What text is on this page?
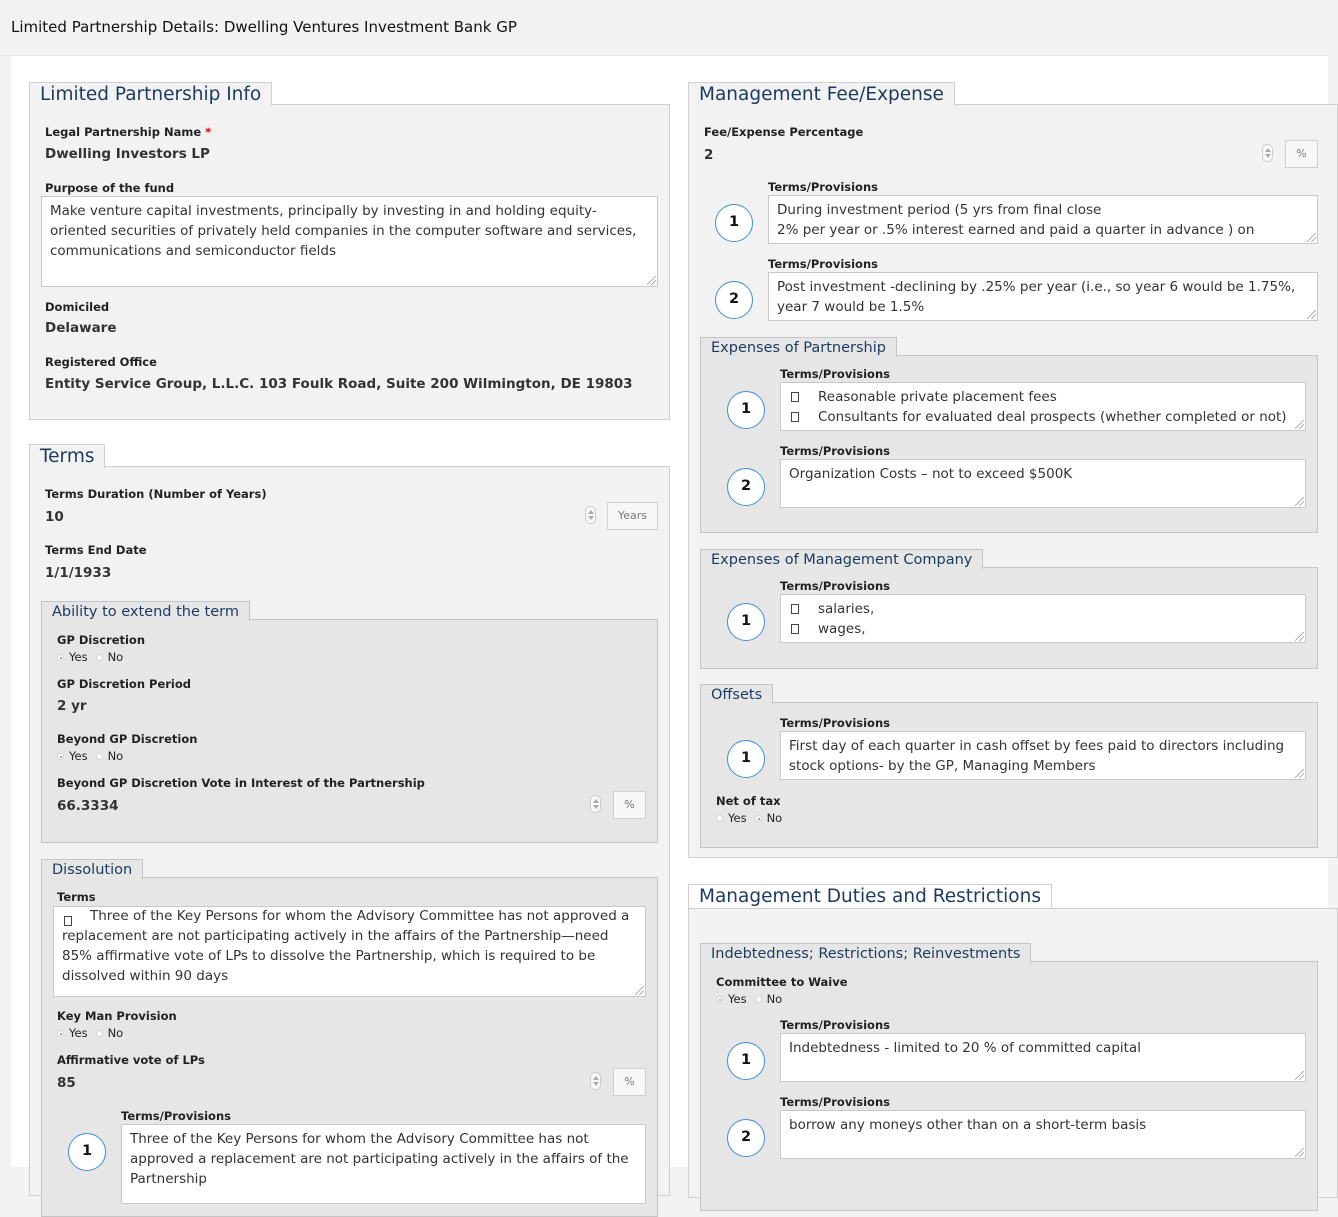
Limited Partnership Details: Dwelling Ventures Investment Bank GP
Legal Partnership Name *
Dwelling Investors LP
Purpose of the fund
Make venture capital investments, principally by investing in and holding equity-oriented securities of privately held companies in the computer software and services, communications and semiconductor fields
Domiciled
Delaware
Registered Office
Entity Service Group, L.L.C. 103 Foulk Road, Suite 200 Wilmington, DE 19803
Limited Partnership Info
Terms Duration (Number of Years)
10	Years
Terms End Date
1/1/1933
GP Discretion
Yes No
GP Discretion Period
2 yr
Beyond GP Discretion
Yes No
Beyond GP Discretion Vote in Interest of the Partnership
66.3334	%
Ability to extend the term
Terms
Three of the Key Persons for whom the Advisory Committee has not approved a replacement are not participating actively in the affairs of the Partnership—need 85% affirmative vote of LPs to dissolve the Partnership, which is required to be dissolved within 90 days
Key Man Provision
Yes No
Affirmative vote of LPs
85	%
Terms/Provisions
1
Three of the Key Persons for whom the Advisory Committee has not approved a replacement are not participating actively in the affairs of the Partnership
Dissolution
Terms
Fee/Expense Percentage
2	%
Terms/Provisions
1
During investment period (5 yrs from final close
2% per year or .5% interest earned and paid a quarter in advance ) on
Terms/Provisions
2
Post investment -declining by .25% per year (i.e., so year 6 would be 1.75%, year 7 would be 1.5%
Terms/Provisions
1
Reasonable private placement fees
Consultants for evaluated deal prospects (whether completed or not)
Terms/Provisions
2
Organization Costs – not to exceed $500K
Expenses of Partnership
Terms/Provisions
1
salaries,
wages,
Expenses of Management Company
Terms/Provisions
1
First day of each quarter in cash offset by fees paid to directors including stock options- by the GP, Managing Members
Net of tax
Yes No
Offsets
Management Fee/Expense
Committee to Waive
Yes No
Terms/Provisions
1
Indebtedness - limited to 20 % of committed capital
Terms/Provisions
2
borrow any moneys other than on a short-term basis
Indebtedness; Restrictions; Reinvestments
Management Duties and Restrictions
